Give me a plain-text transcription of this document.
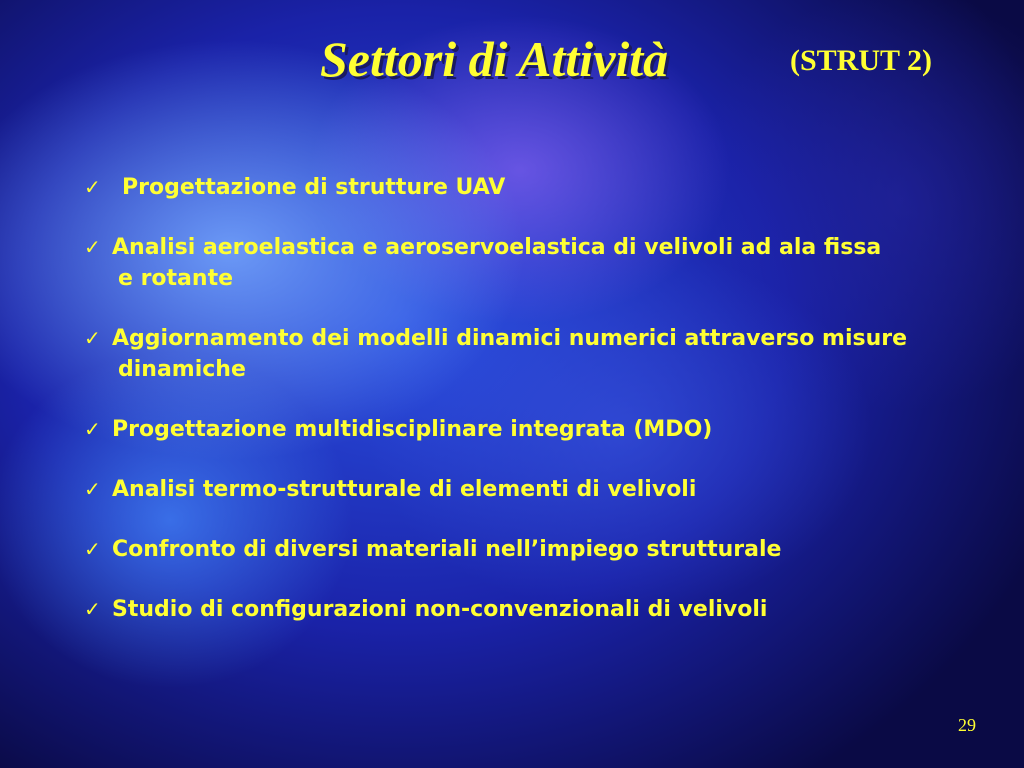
Settori di Attività	(STRUT 2)
✓ Progettazione di strutture UAV
✓ Analisi aeroelastica e aeroservoelastica di velivoli ad ala fissa
e rotante
✓ Aggiornamento dei modelli dinamici numerici attraverso misure
dinamiche
✓ Progettazione multidisciplinare integrata (MDO)
✓ Analisi termo-strutturale di elementi di velivoli
✓ Confronto di diversi materiali nell’impiego strutturale
✓ Studio di configurazioni non-convenzionali di velivoli
29
